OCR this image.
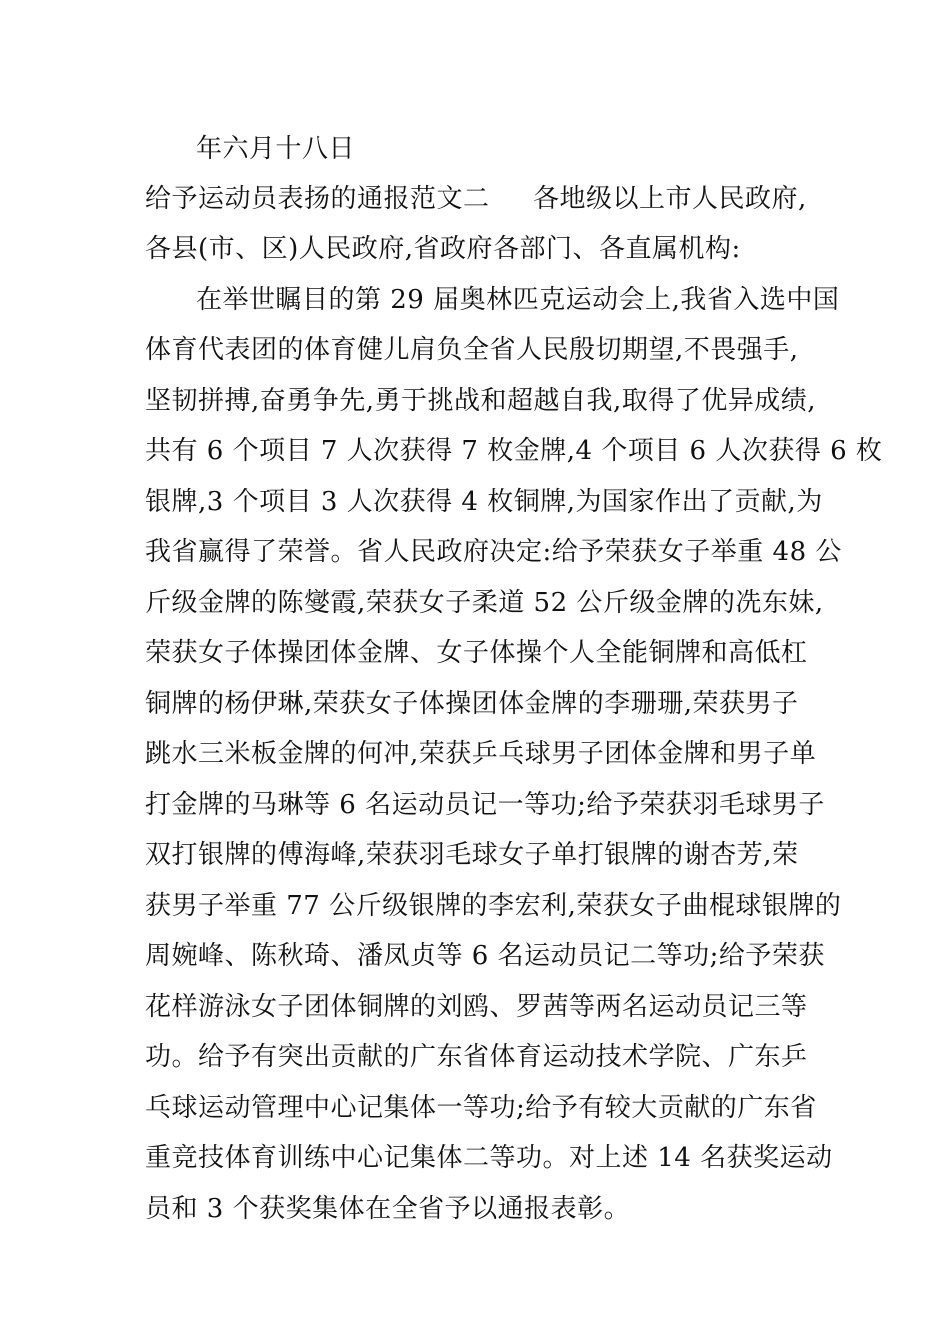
年六月十八日
给予运动员表扬的通报范文二 各地级以上市人民政府,
各县(市、区)人民政府,省政府各部门、各直属机构:
在举世瞩目的第 29 届奥林匹克运动会上,我省入选中国
体育代表团的体育健儿肩负全省人民殷切期望,不畏强手,
坚韧拼搏,奋勇争先,勇于挑战和超越自我,取得了优异成绩,
共有 6 个项目 7 人次获得 7 枚金牌,4 个项目 6 人次获得 6 枚
银牌,3 个项目 3 人次获得 4 枚铜牌,为国家作出了贡献,为
我省赢得了荣誉。省人民政府决定:给予荣获女子举重 48 公
斤级金牌的陈燮霞,荣获女子柔道 52 公斤级金牌的冼东妹,
荣获女子体操团体金牌、女子体操个人全能铜牌和高低杠
铜牌的杨伊琳,荣获女子体操团体金牌的李珊珊,荣获男子
跳水三米板金牌的何冲,荣获乒乓球男子团体金牌和男子单
打金牌的马琳等 6 名运动员记一等功;给予荣获羽毛球男子
双打银牌的傅海峰,荣获羽毛球女子单打银牌的谢杏芳,荣
获男子举重 77 公斤级银牌的李宏利,荣获女子曲棍球银牌的
周婉峰、陈秋琦、潘凤贞等 6 名运动员记二等功;给予荣获
花样游泳女子团体铜牌的刘鸥、罗茜等两名运动员记三等
功。给予有突出贡献的广东省体育运动技术学院、广东乒
乓球运动管理中心记集体一等功;给予有较大贡献的广东省
重竞技体育训练中心记集体二等功。对上述 14 名获奖运动
员和 3 个获奖集体在全省予以通报表彰。
